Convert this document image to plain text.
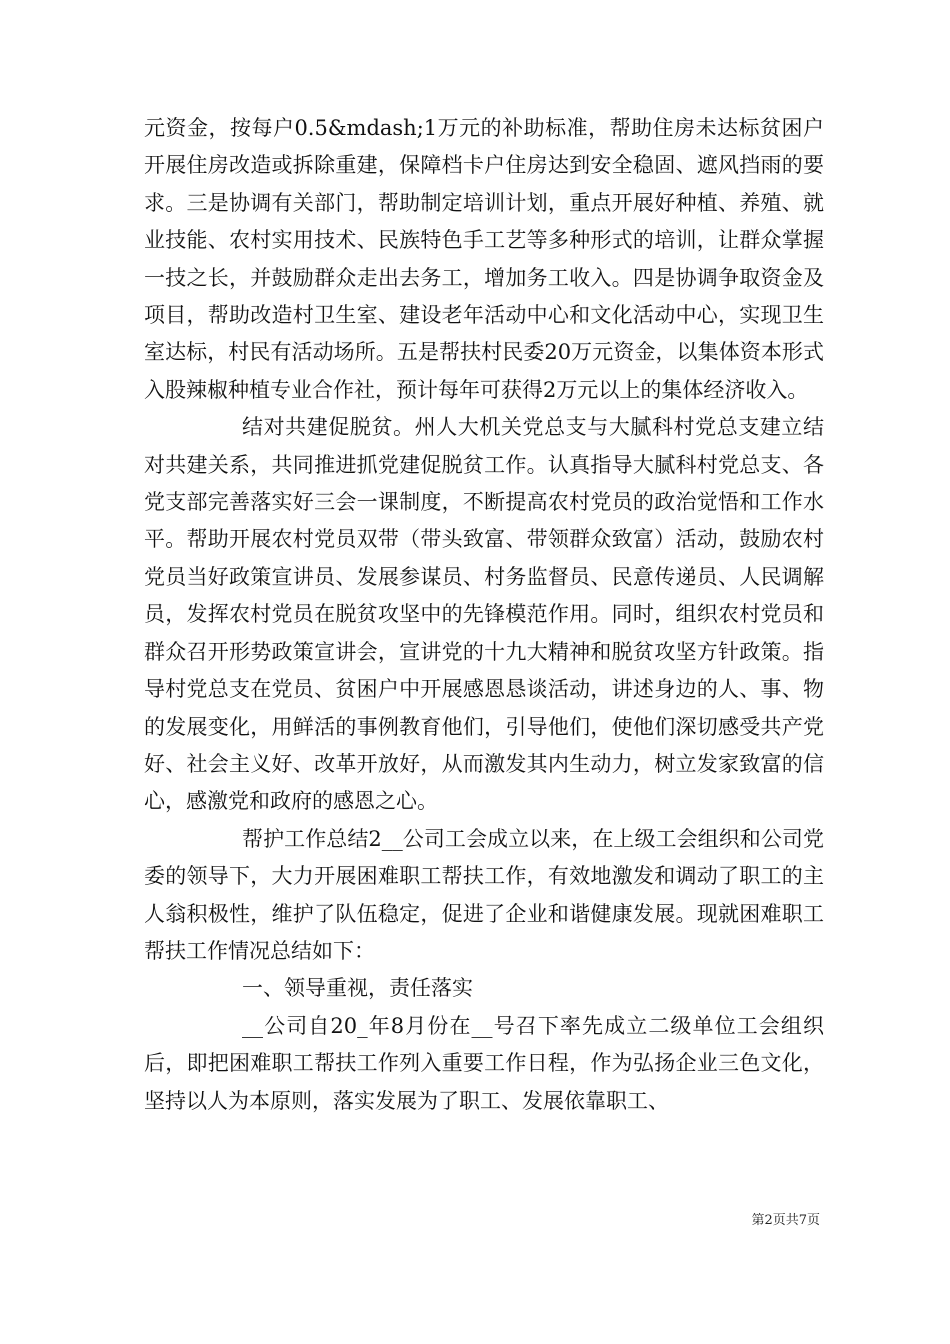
元资金，按每户0.5&mdash;1万元的补助标准，帮助住房未达标贫困户开展住房改造或拆除重建，保障档卡户住房达到安全稳固、遮风挡雨的要求。三是协调有关部门，帮助制定培训计划，重点开展好种植、养殖、就业技能、农村实用技术、民族特色手工艺等多种形式的培训，让群众掌握一技之长，并鼓励群众走出去务工，增加务工收入。四是协调争取资金及项目，帮助改造村卫生室、建设老年活动中心和文化活动中心，实现卫生室达标，村民有活动场所。五是帮扶村民委20万元资金，以集体资本形式入股辣椒种植专业合作社，预计每年可获得2万元以上的集体经济收入。

结对共建促脱贫。州人大机关党总支与大腻科村党总支建立结对共建关系，共同推进抓党建促脱贫工作。认真指导大腻科村党总支、各党支部完善落实好三会一课制度，不断提高农村党员的政治觉悟和工作水平。帮助开展农村党员双带（带头致富、带领群众致富）活动，鼓励农村党员当好政策宣讲员、发展参谋员、村务监督员、民意传递员、人民调解员，发挥农村党员在脱贫攻坚中的先锋模范作用。同时，组织农村党员和群众召开形势政策宣讲会，宣讲党的十九大精神和脱贫攻坚方针政策。指导村党总支在党员、贫困户中开展感恩恳谈活动，讲述身边的人、事、物的发展变化，用鲜活的事例教育他们，引导他们，使他们深切感受共产党好、社会主义好、改革开放好，从而激发其内生动力，树立发家致富的信心，感激党和政府的感恩之心。

帮护工作总结2__公司工会成立以来，在上级工会组织和公司党委的领导下，大力开展困难职工帮扶工作，有效地激发和调动了职工的主人翁积极性，维护了队伍稳定，促进了企业和谐健康发展。现就困难职工帮扶工作情况总结如下：

一、领导重视，责任落实

__公司自20_年8月份在__号召下率先成立二级单位工会组织后，即把困难职工帮扶工作列入重要工作日程，作为弘扬企业三色文化，坚持以人为本原则，落实发展为了职工、发展依靠职工、

第2页共7页
